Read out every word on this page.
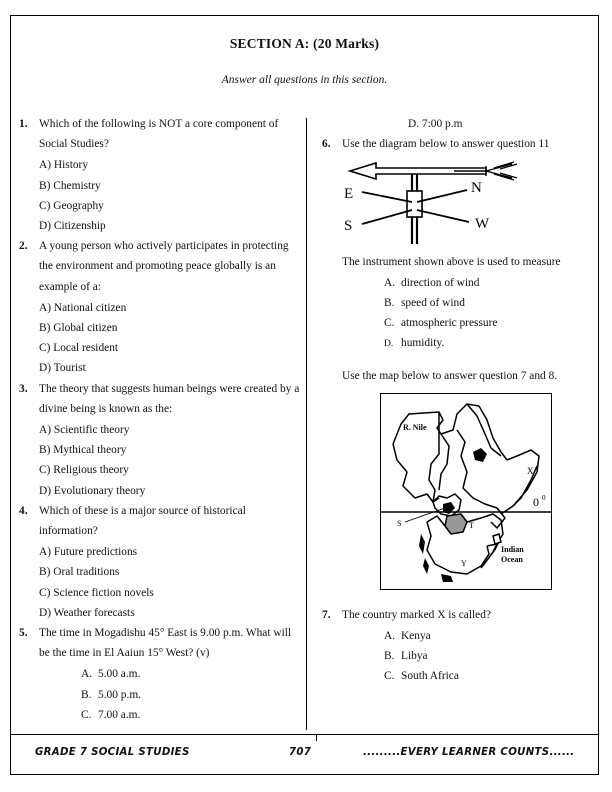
SECTION A: (20 Marks)
Answer all questions in this section.
1.	Which of the following is NOT a core component of Social Studies?
A) History
B) Chemistry
C) Geography
D) Citizenship
2.	A young person who actively participates in protecting the environment and promoting peace globally is an example of a:
A) National citizen
B) Global citizen
C) Local resident
D) Tourist
3.	The theory that suggests human beings were created by a divine being is known as the:
A) Scientific theory
B) Mythical theory
C) Religious theory
D) Evolutionary theory
4.	Which of these is a major source of historical information?
A) Future predictions
B) Oral traditions
C) Science fiction novels
D) Weather forecasts
5.	The time in Mogadishu 45° East is 9.00 p.m. What will be the time in El Aaiun 15° West? (v)
A. 5.00 a.m.
B. 5.00 p.m.
C. 7.00 a.m.
D. 7:00 p.m
6.	Use the diagram below to answer question 11
E	N
S	W
The instrument shown above is used to measure
A. direction of wind
B. speed of wind
C. atmospheric pressure
D. humidity.
Use the map below to answer question 7 and 8.
R. Nile
X
0 0
S	T
Y
Indian
Ocean
7.	The country marked X is called?
A. Kenya
B. Libya
C. South Africa
GRADE 7 SOCIAL STUDIES	707	.........EVERY LEARNER COUNTS......
